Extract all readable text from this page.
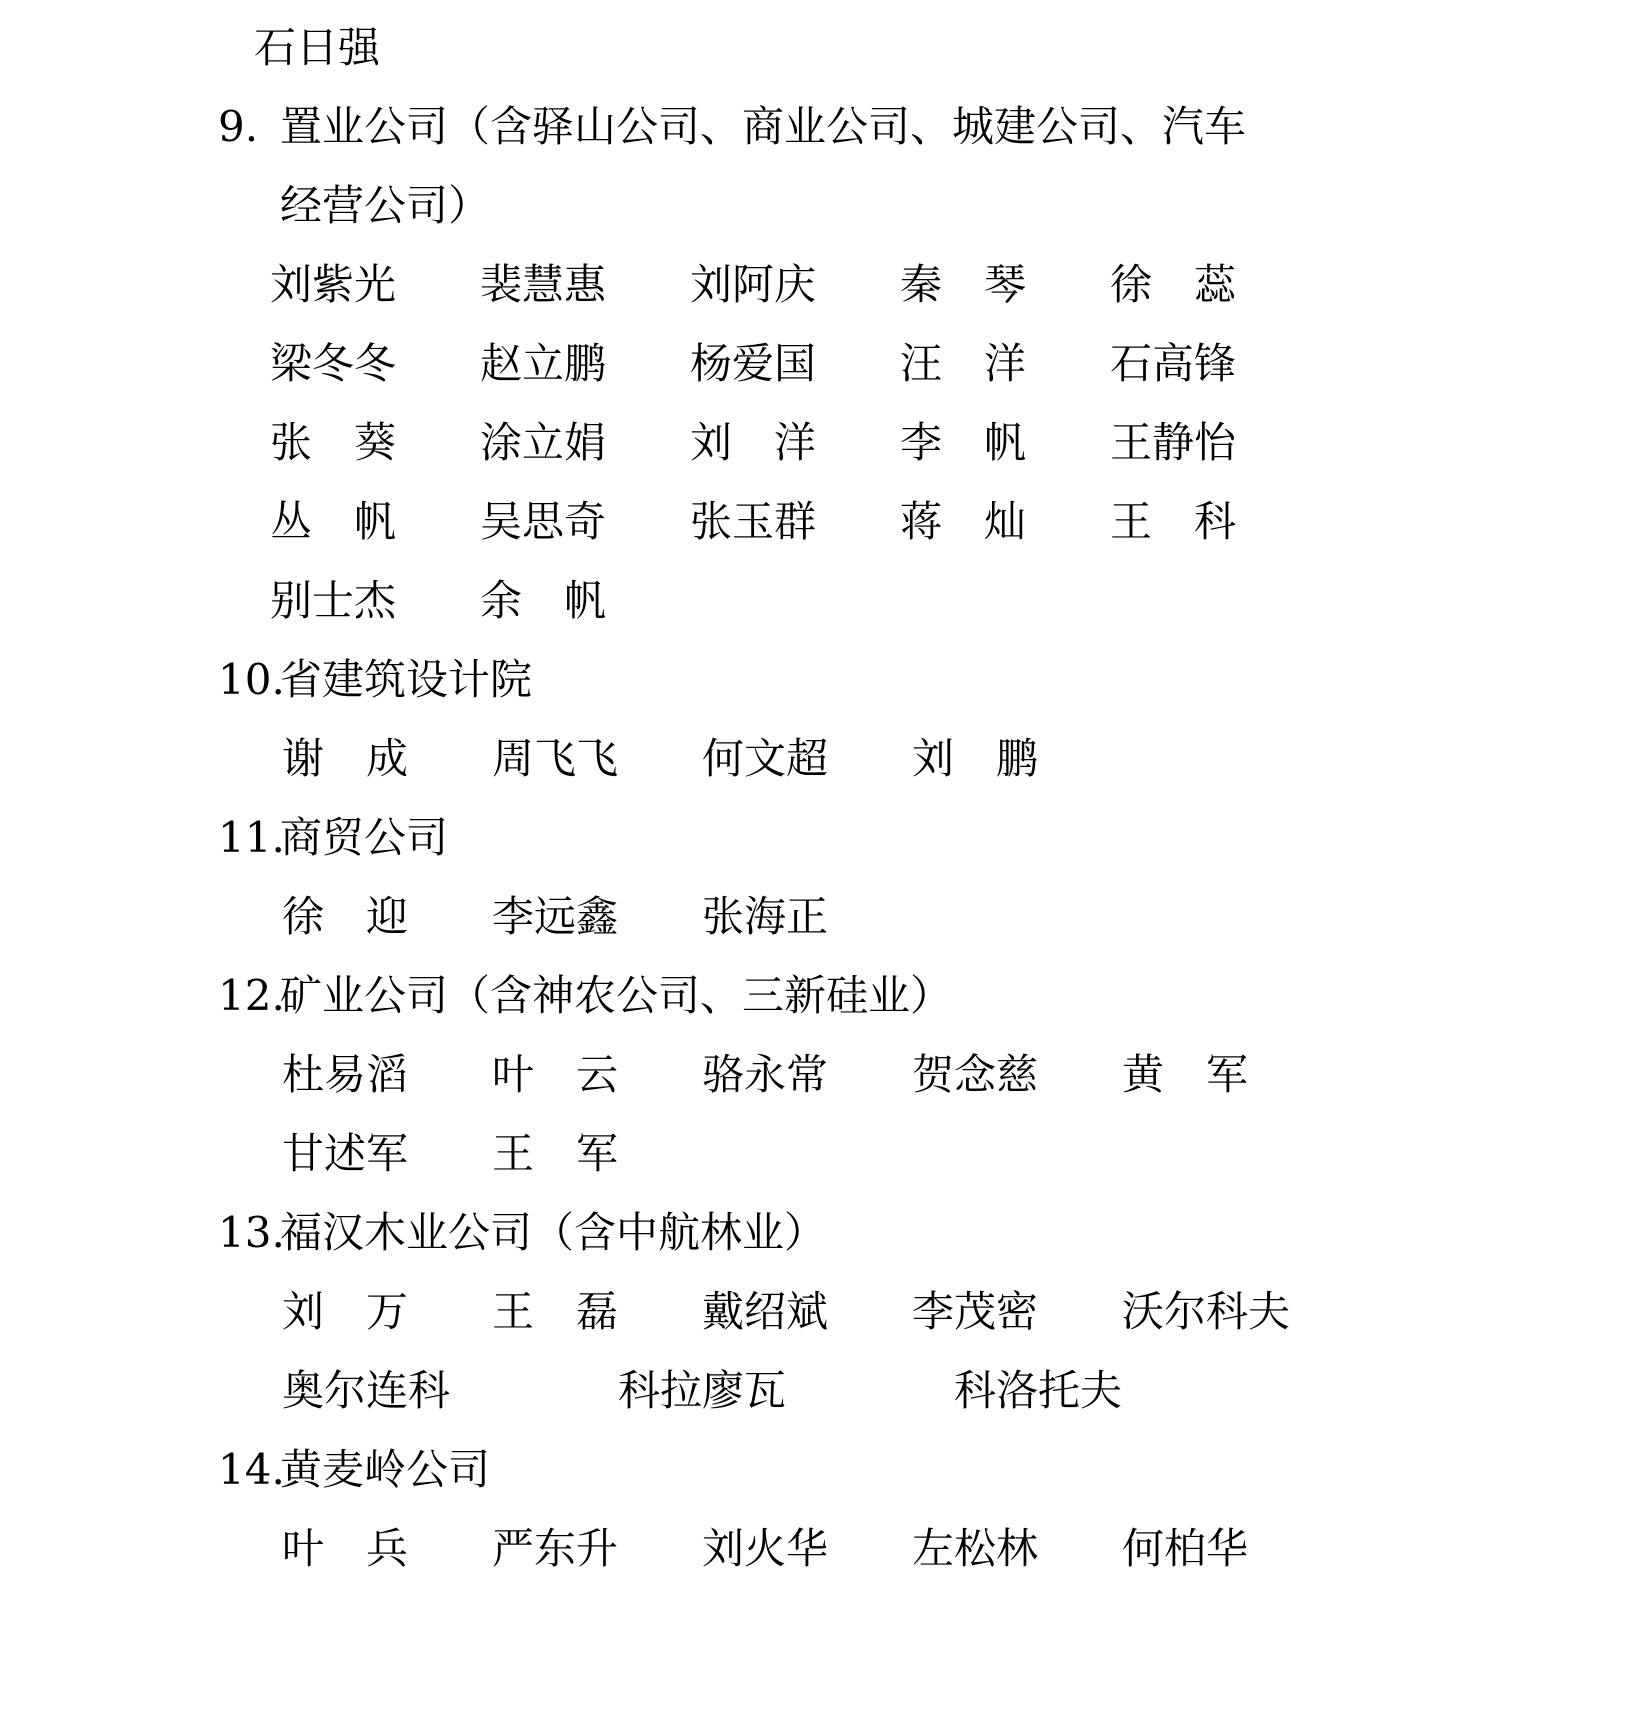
石日强
9. 置业公司（含驿山公司、商业公司、城建公司、汽车经营公司）
刘紫光　　裴慧惠　　刘阿庆　　秦　琴　　徐　蕊
梁冬冬　　赵立鹏　　杨爱国　　汪　洋　　石高锋
张　葵　　涂立娟　　刘　洋　　李　帆　　王静怡
丛　帆　　吴思奇　　张玉群　　蒋　灿　　王　科
别士杰　　余　帆
10.
省建筑设计院
谢　成　　周飞飞　　何文超　　刘　鹏
11.
商贸公司
徐　迎　　李远鑫　　张海正
12.
矿业公司（含神农公司、三新硅业）
杜易滔　　叶　云　　骆永常　　贺念慈　　黄　军
甘述军　　王　军
13.
福汉木业公司（含中航林业）
刘　万　　王　磊　　戴绍斌　　李茂密　　沃尔科夫
奥尔连科　　　　科拉廖瓦　　　　科洛托夫
14.
黄麦岭公司
叶　兵　　严东升　　刘火华　　左松林　　何柏华
